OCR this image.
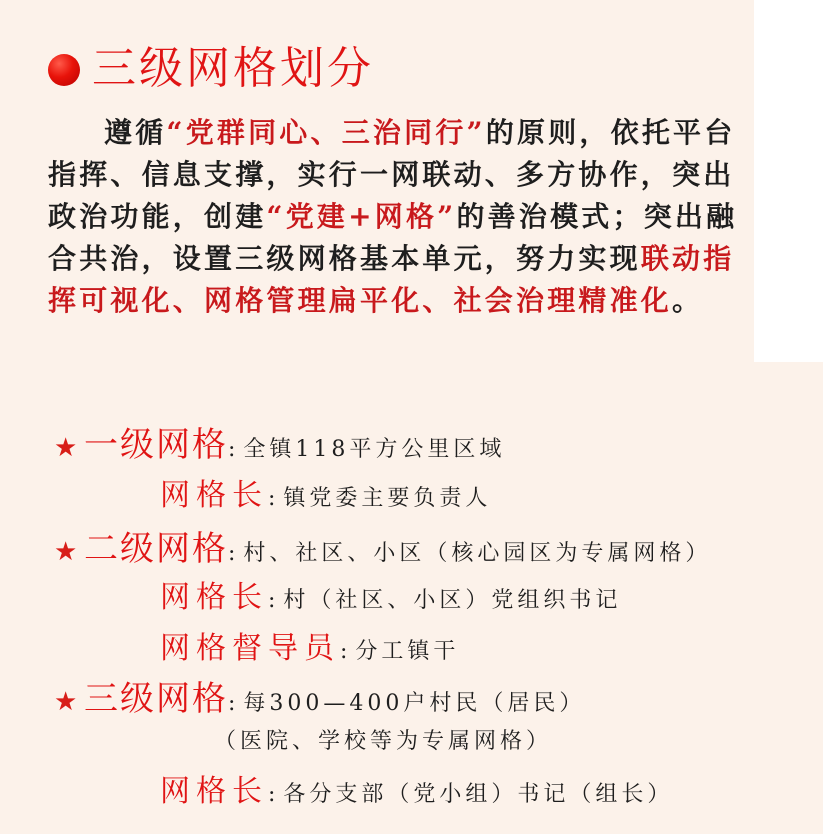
三级网格划分
遵循“党群同心、三治同行”的原则，依托平台指挥、信息支撑，实行一网联动、多方协作，突出政治功能，创建“党建+网格”的善治模式；突出融合共治，设置三级网格基本单元，努力实现联动指挥可视化、网格管理扁平化、社会治理精准化。
★ 一级网格: 全镇118平方公里区域
网格长: 镇党委主要负责人
★ 二级网格: 村、社区、小区（核心园区为专属网格）
网格长: 村（社区、小区）党组织书记
网格督导员: 分工镇干
★ 三级网格: 每300—400户村民（居民）
（医院、学校等为专属网格）
网格长: 各分支部（党小组）书记（组长）
